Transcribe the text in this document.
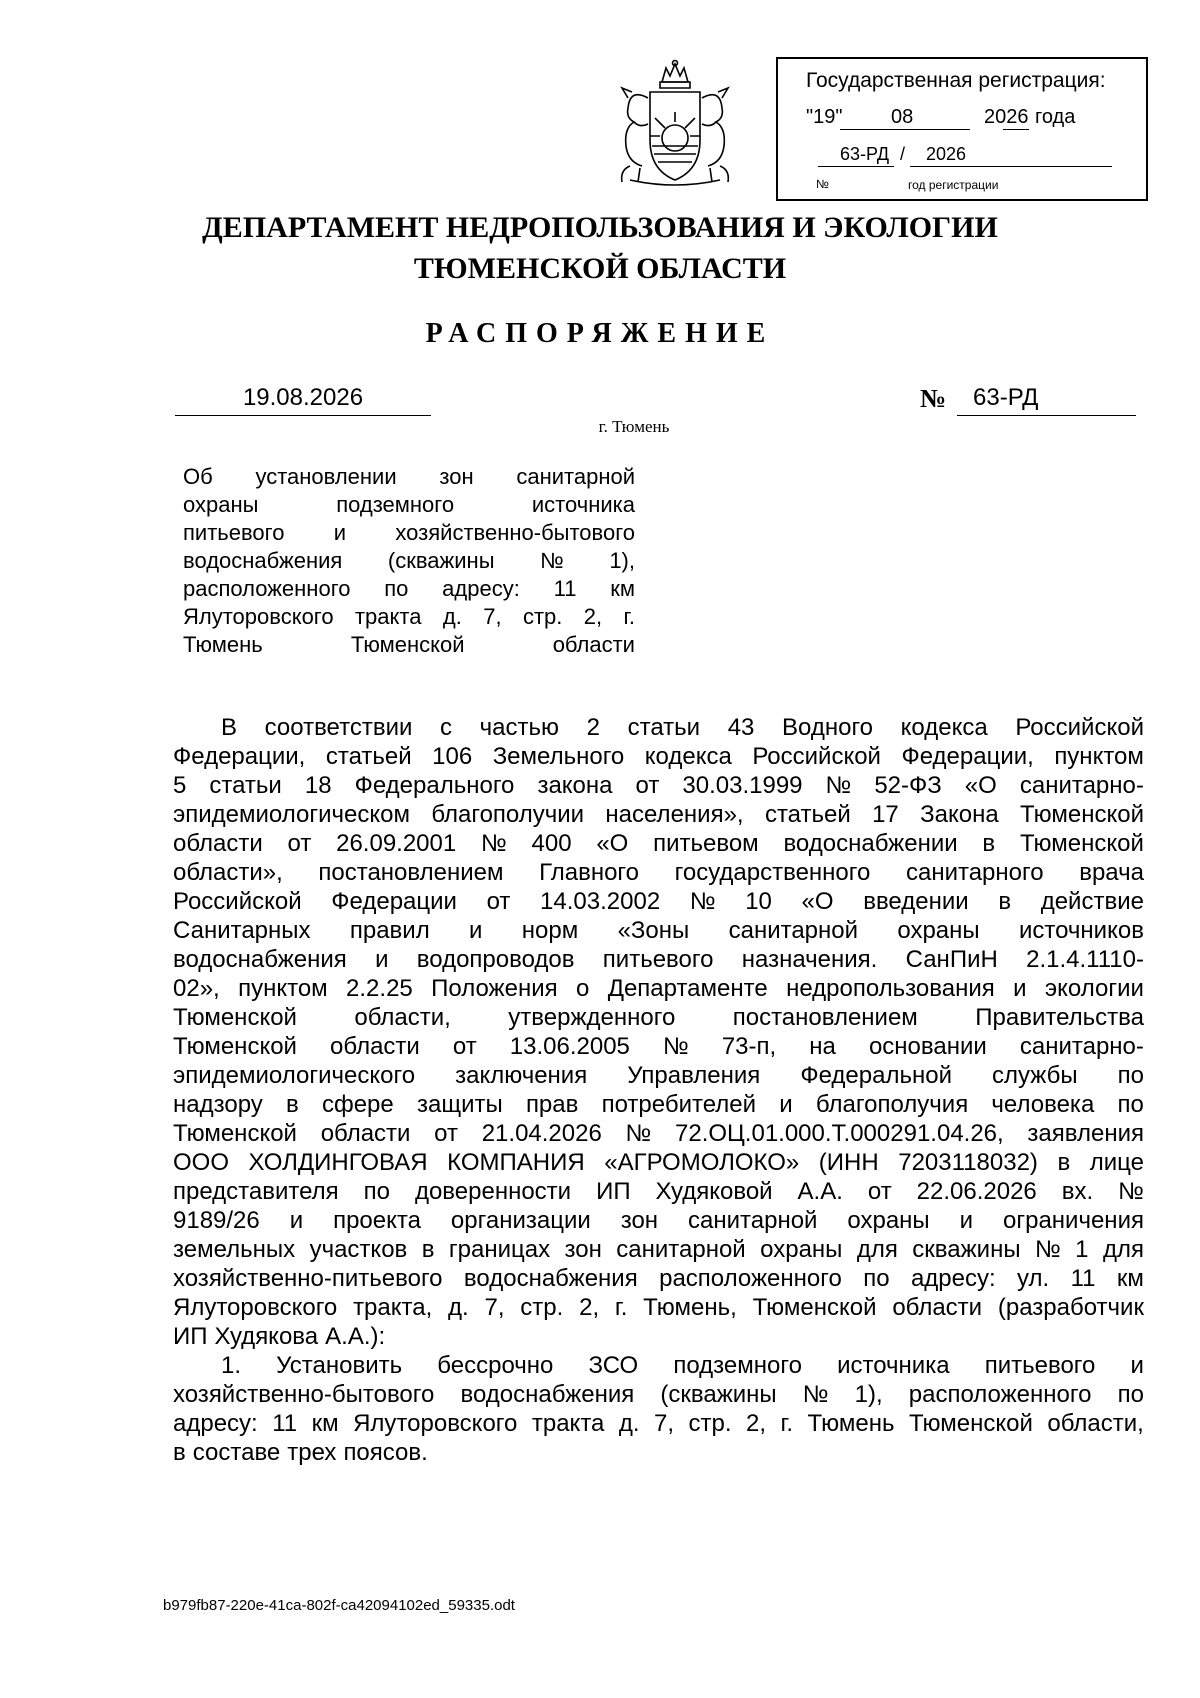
Государственная регистрация:
"19" 08	2026 года
63-РД / 2026
№	год регистрации
ДЕПАРТАМЕНТ НЕДРОПОЛЬЗОВАНИЯ И ЭКОЛОГИИ
ТЮМЕНСКОЙ ОБЛАСТИ
РАСПОРЯЖЕНИЕ
19.08.2026	№	63-РД
г. Тюмень
Об установлении зон санитарной
охраны	подземного	источника
питьевого и хозяйственно-бытового
водоснабжения (скважины № 1),
расположенного по адресу: 11 км
Ялуторовского тракта д. 7, стр. 2, г.
Тюмень	Тюменской	области
В соответствии с частью 2 статьи 43 Водного кодекса Российской
Федерации, статьей 106 Земельного кодекса Российской Федерации, пунктом
5 статьи 18 Федерального закона от 30.03.1999 № 52-ФЗ «О санитарно-
эпидемиологическом благополучии населения», статьей 17 Закона Тюменской
области от 26.09.2001 № 400 «О питьевом водоснабжении в Тюменской
области», постановлением Главного государственного санитарного врача
Российской Федерации от 14.03.2002 № 10 «О введении в действие
Санитарных правил и норм «Зоны санитарной охраны источников
водоснабжения и водопроводов питьевого назначения. СанПиН 2.1.4.1110-
02», пунктом 2.2.25 Положения о Департаменте недропользования и экологии
Тюменской области, утвержденного постановлением Правительства
Тюменской области от 13.06.2005 № 73-п, на основании санитарно-
эпидемиологического заключения Управления Федеральной службы по
надзору в сфере защиты прав потребителей и благополучия человека по
Тюменской области от 21.04.2026 № 72.ОЦ.01.000.Т.000291.04.26, заявления
ООО ХОЛДИНГОВАЯ КОМПАНИЯ «АГРОМОЛОКО» (ИНН 7203118032) в лице
представителя по доверенности ИП Худяковой А.А. от 22.06.2026 вх. №
9189/26 и проекта организации зон санитарной охраны и ограничения
земельных участков в границах зон санитарной охраны для скважины № 1 для
хозяйственно-питьевого водоснабжения расположенного по адресу: ул. 11 км
Ялуторовского тракта, д. 7, стр. 2, г. Тюмень, Тюменской области (разработчик
ИП Худякова А.А.):
1. Установить бессрочно ЗСО подземного источника питьевого и
хозяйственно-бытового водоснабжения (скважины № 1), расположенного по
адресу: 11 км Ялуторовского тракта д. 7, стр. 2, г. Тюмень Тюменской области,
в составе трех поясов.
b979fb87-220e-41ca-802f-ca42094102ed_59335.odt
